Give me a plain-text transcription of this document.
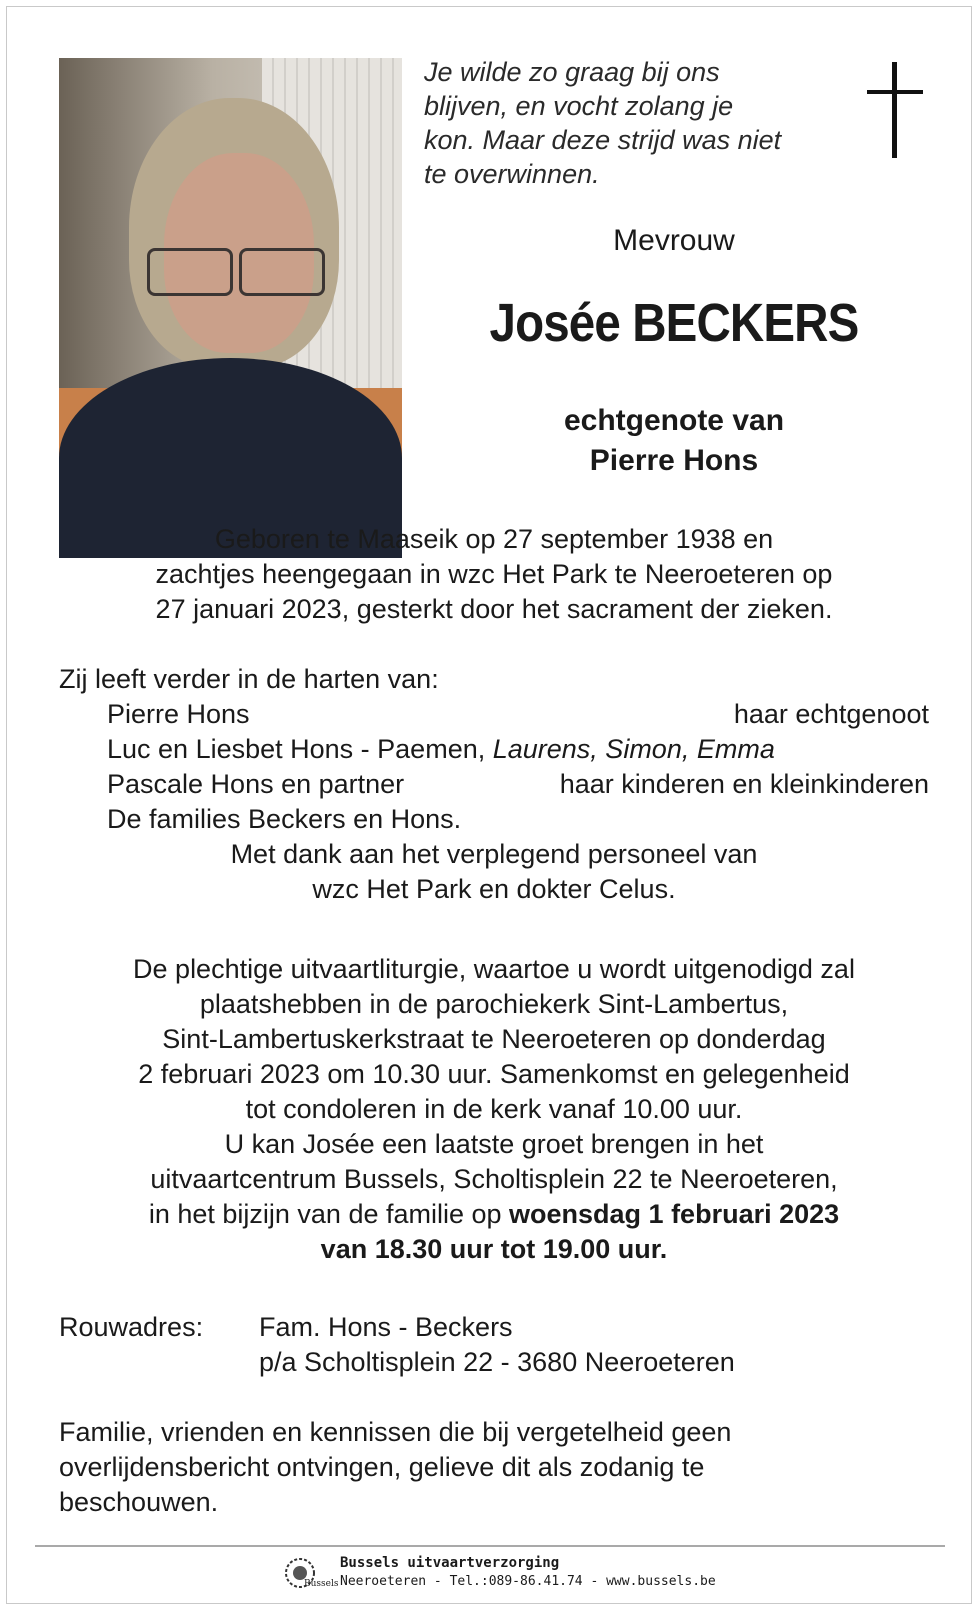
Je wilde zo graag bij ons
blijven, en vocht zolang je
kon. Maar deze strijd was niet
te overwinnen.
Mevrouw
Josée BECKERS
echtgenote van
Pierre Hons
Geboren te Maaseik op 27 september 1938 en
zachtjes heengegaan in wzc Het Park te Neeroeteren op
27 januari 2023, gesterkt door het sacrament der zieken.
Zij leeft verder in de harten van:
Pierre Hons	haar echtgenoot
Luc en Liesbet Hons - Paemen, Laurens, Simon, Emma
Pascale Hons en partner	haar kinderen en kleinkinderen
De families Beckers en Hons.
Met dank aan het verplegend personeel van
wzc Het Park en dokter Celus.
De plechtige uitvaartliturgie, waartoe u wordt uitgenodigd zal
plaatshebben in de parochiekerk Sint-Lambertus,
Sint-Lambertuskerkstraat te Neeroeteren op donderdag
2 februari 2023 om 10.30 uur. Samenkomst en gelegenheid
tot condoleren in de kerk vanaf 10.00 uur.
U kan Josée een laatste groet brengen in het
uitvaartcentrum Bussels, Scholtisplein 22 te Neeroeteren,
in het bijzijn van de familie op woensdag 1 februari 2023
van 18.30 uur tot 19.00 uur.
Rouwadres: Fam. Hons - Beckers
p/a Scholtisplein 22 - 3680 Neeroeteren
Familie, vrienden en kennissen die bij vergetelheid geen
overlijdensbericht ontvingen, gelieve dit als zodanig te
beschouwen.
Bussels
Bussels uitvaartverzorging
Neeroeteren - Tel.:089-86.41.74 - www.bussels.be
